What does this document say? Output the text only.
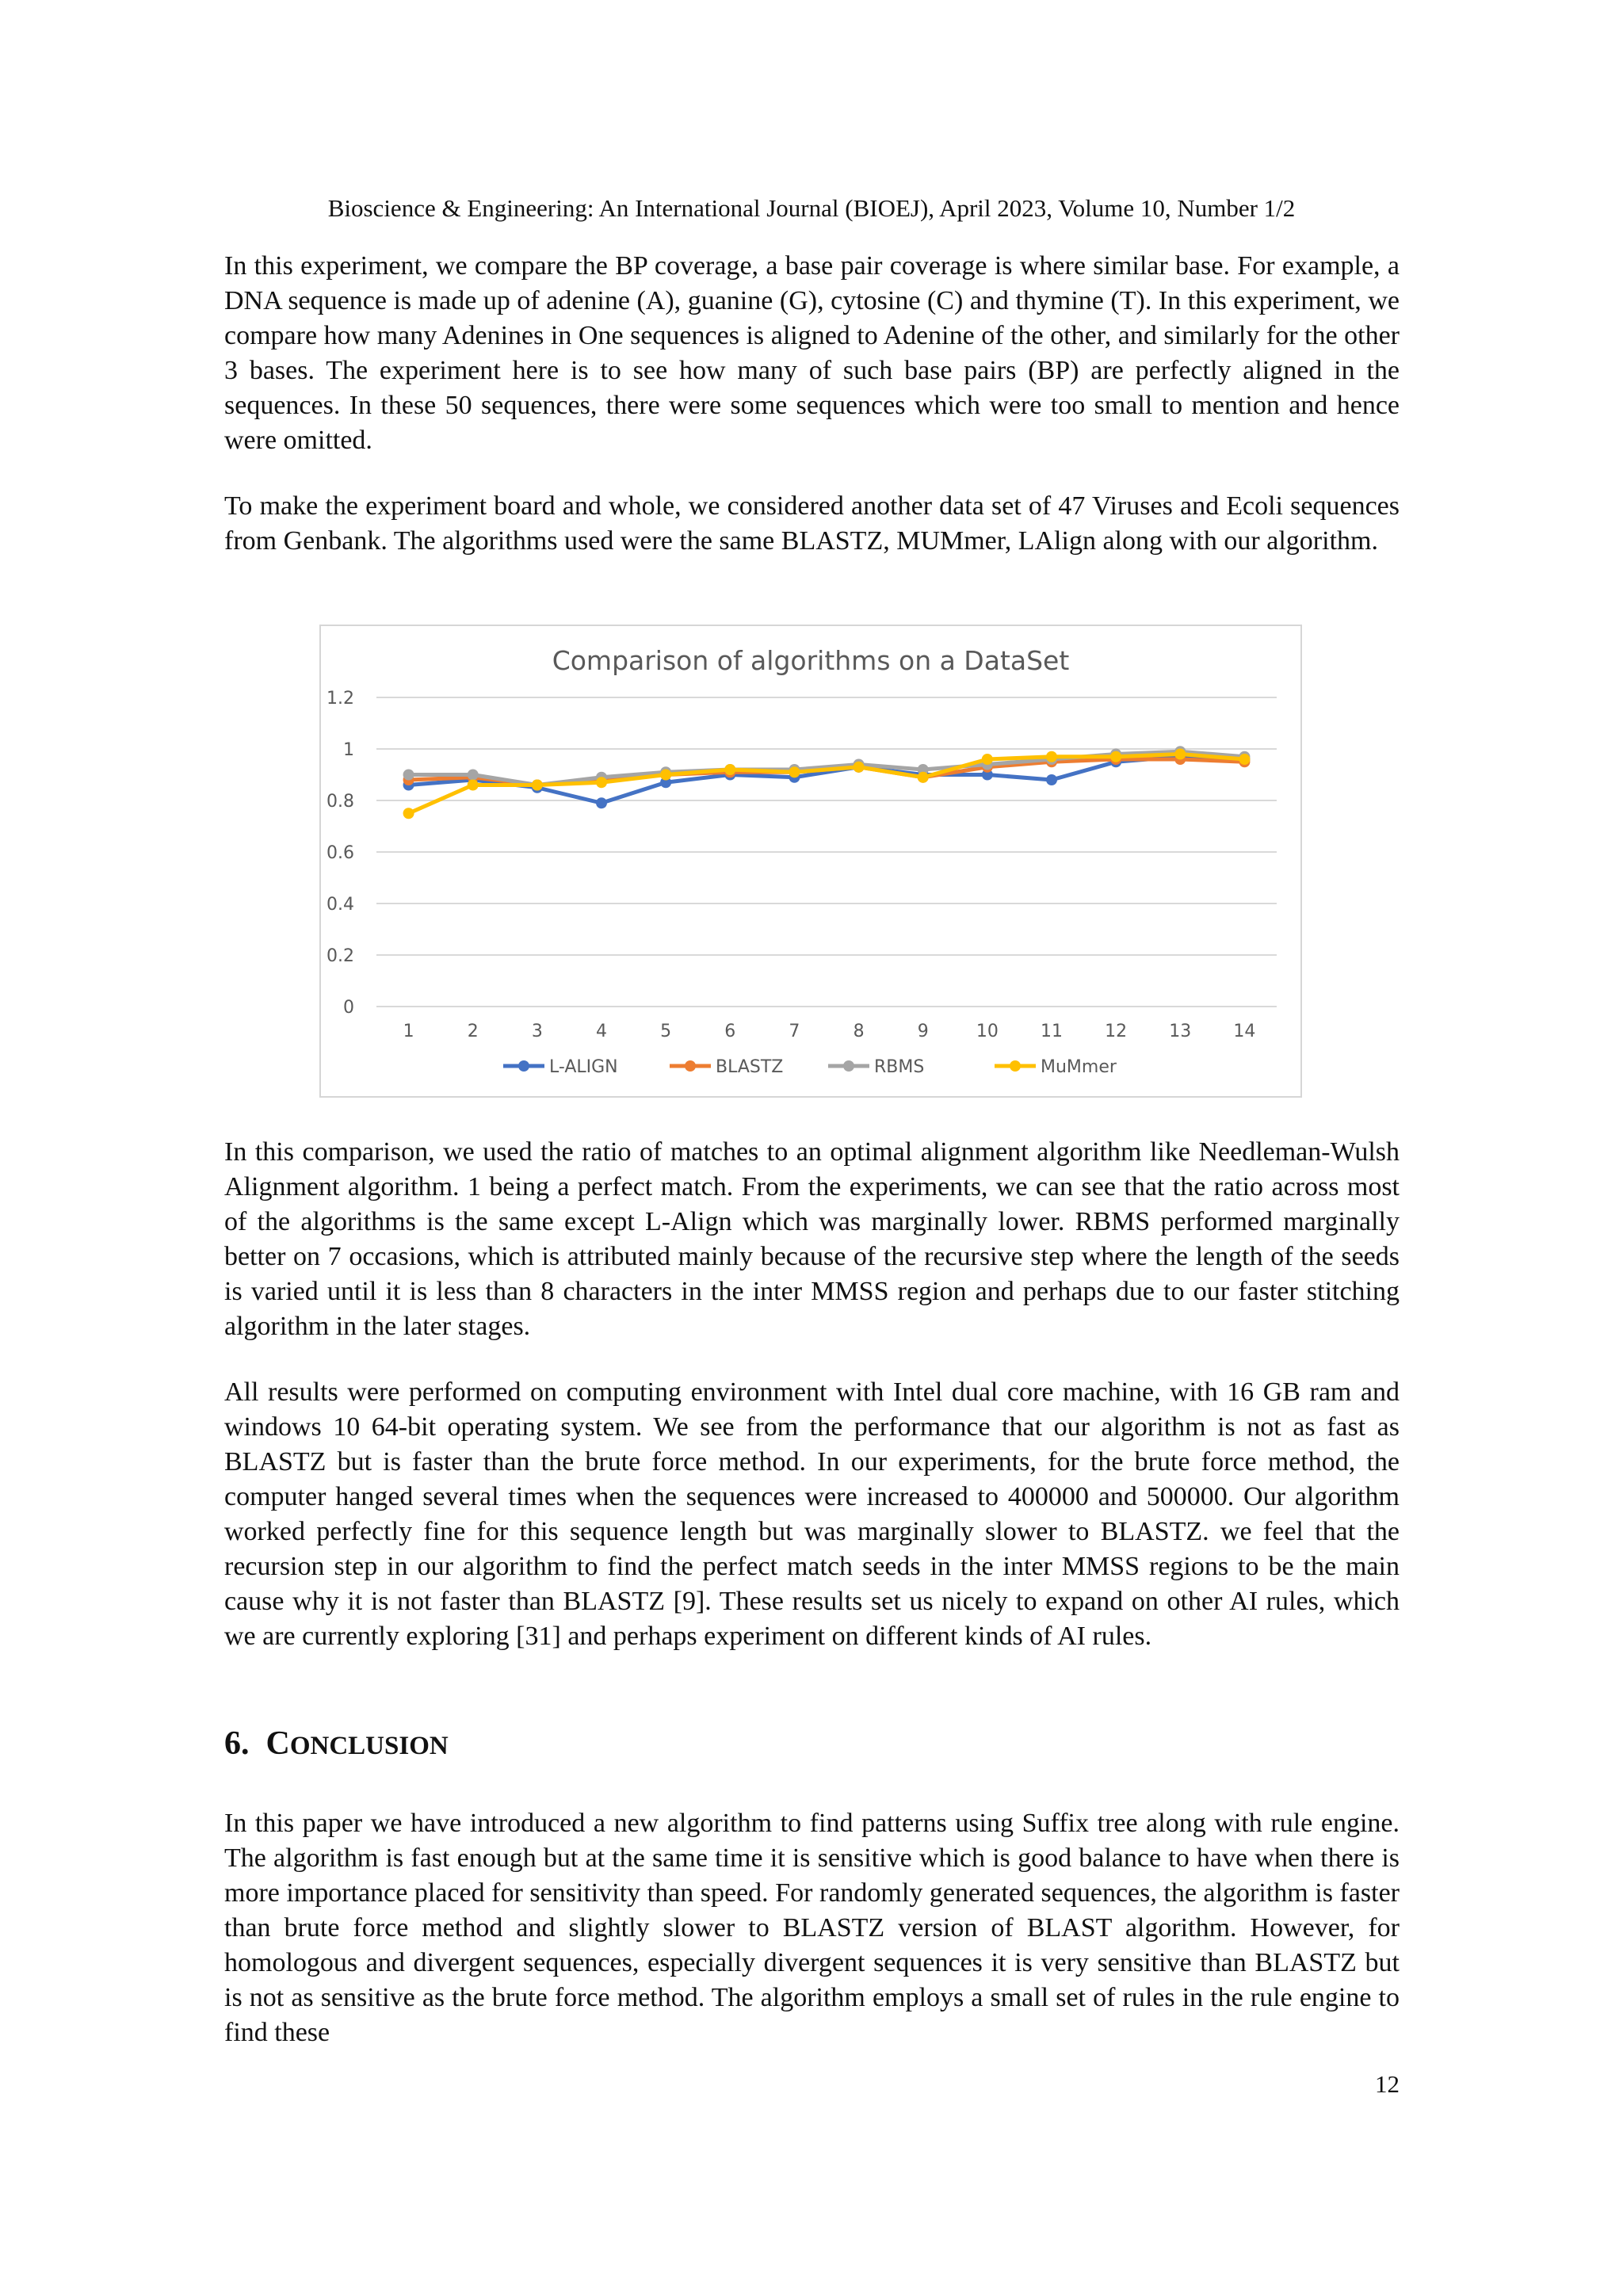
Bioscience & Engineering: An International Journal (BIOEJ), April 2023, Volume 10, Number 1/2

In this experiment, we compare the BP coverage, a base pair coverage is where similar base. For example, a DNA sequence is made up of adenine (A), guanine (G), cytosine (C) and thymine (T). In this experiment, we compare how many Adenines in One sequences is aligned to Adenine of the other, and similarly for the other 3 bases. The experiment here is to see how many of such base pairs (BP) are perfectly aligned in the sequences. In these 50 sequences, there were some sequences which were too small to mention and hence were omitted.

To make the experiment board and whole, we considered another data set of 47 Viruses and Ecoli sequences from Genbank. The algorithms used were the same BLASTZ, MUMmer, LAlign along with our algorithm.

Comparison of algorithms on a DataSet
0
0.2
0.4
0.6
0.8
1
1.2
1	2	3	4	5	6	7	8	9	10 11 12 13 14
L-ALIGN	BLASTZ	RBMS	MuMmer

In this comparison, we used the ratio of matches to an optimal alignment algorithm like Needleman-Wulsh Alignment algorithm. 1 being a perfect match. From the experiments, we can see that the ratio across most of the algorithms is the same except L-Align which was marginally lower. RBMS performed marginally better on 7 occasions, which is attributed mainly because of the recursive step where the length of the seeds is varied until it is less than 8 characters in the inter MMSS region and perhaps due to our faster stitching algorithm in the later stages.

All results were performed on computing environment with Intel dual core machine, with 16 GB ram and windows 10 64-bit operating system. We see from the performance that our algorithm is not as fast as BLASTZ but is faster than the brute force method. In our experiments, for the brute force method, the computer hanged several times when the sequences were increased to 400000 and 500000. Our algorithm worked perfectly fine for this sequence length but was marginally slower to BLASTZ. we feel that the recursion step in our algorithm to find the perfect match seeds in the inter MMSS regions to be the main cause why it is not faster than BLASTZ [9]. These results set us nicely to expand on other AI rules, which we are currently exploring [31] and perhaps experiment on different kinds of AI rules.

6. CONCLUSION

In this paper we have introduced a new algorithm to find patterns using Suffix tree along with rule engine. The algorithm is fast enough but at the same time it is sensitive which is good balance to have when there is more importance placed for sensitivity than speed. For randomly generated sequences, the algorithm is faster than brute force method and slightly slower to BLASTZ version of BLAST algorithm. However, for homologous and divergent sequences, especially divergent sequences it is very sensitive than BLASTZ but is not as sensitive as the brute force method. The algorithm employs a small set of rules in the rule engine to find these

12
